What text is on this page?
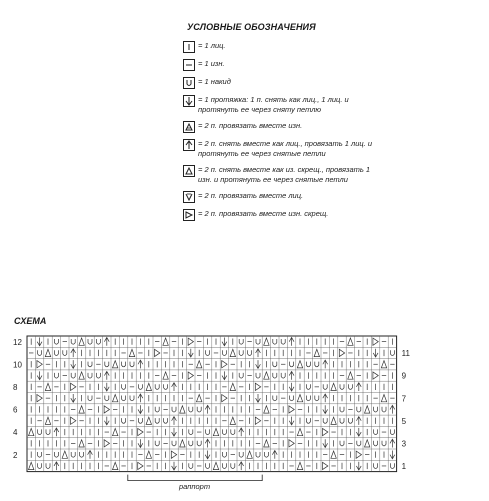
УСЛОВНЫЕ ОБОЗНАЧЕНИЯ
= 1 лиц.
= 1 изн.
= 1 накид
= 1 протяжка: 1 п. снять как лиц., 1 лиц. и протянуть ее через сняту петлю
= 2 п. провязать вместе изн.
= 2 п. снять вместе как лиц., провязать 1 лиц. и протянуть ее через снятые петли
= 2 п. снять вместе как из. скрещ., провязать 1 изн. и протянуть ее через снятые петли
= 2 п. провязать вместе лиц.
= 2 п. провязать вместе изн. скрещ.
СХЕМА
12
10
8
6
4
2
11
9
7
5
3
1
раппорт
